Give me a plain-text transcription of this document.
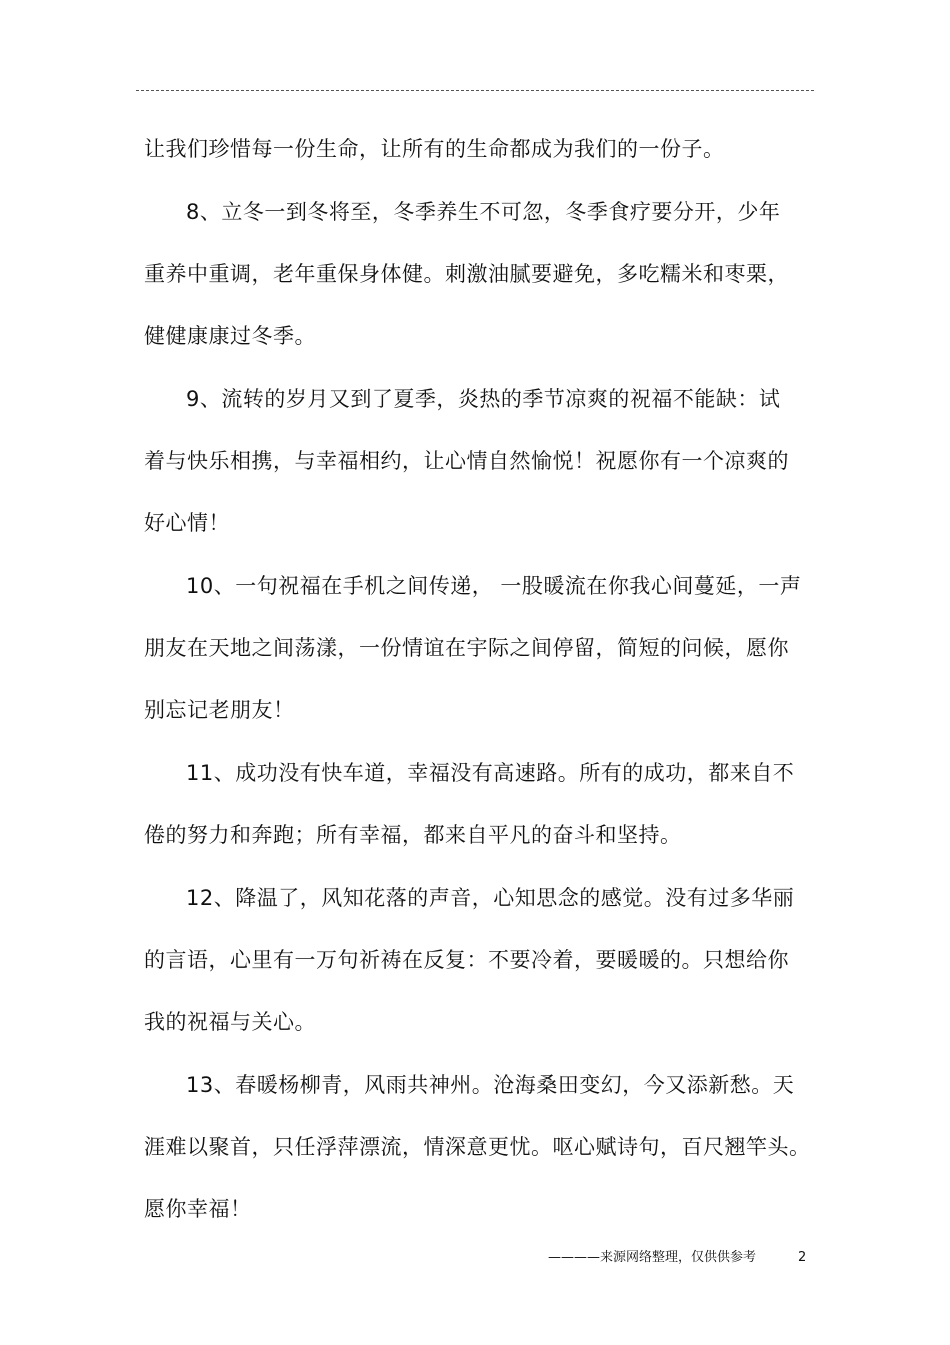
让我们珍惜每一份生命，让所有的生命都成为我们的一份子。
8、立冬一到冬将至，冬季养生不可忽，冬季食疗要分开，少年
重养中重调，老年重保身体健。刺激油腻要避免，多吃糯米和枣栗，
健健康康过冬季。
9、流转的岁月又到了夏季，炎热的季节凉爽的祝福不能缺：试
着与快乐相携，与幸福相约，让心情自然愉悦！祝愿你有一个凉爽的
好心情！
10、一句祝福在手机之间传递， 一股暖流在你我心间蔓延，一声
朋友在天地之间荡漾，一份情谊在宇际之间停留，简短的问候，愿你
别忘记老朋友！
11、成功没有快车道，幸福没有高速路。所有的成功，都来自不
倦的努力和奔跑；所有幸福，都来自平凡的奋斗和坚持。
12、降温了，风知花落的声音，心知思念的感觉。没有过多华丽
的言语，心里有一万句祈祷在反复：不要冷着，要暖暖的。只想给你
我的祝福与关心。
13、春暖杨柳青，风雨共神州。沧海桑田变幻，今又添新愁。天
涯难以聚首，只任浮萍漂流，情深意更忧。呕心赋诗句，百尺翘竿头。
愿你幸福！
————来源网络整理，仅供供参考	2
